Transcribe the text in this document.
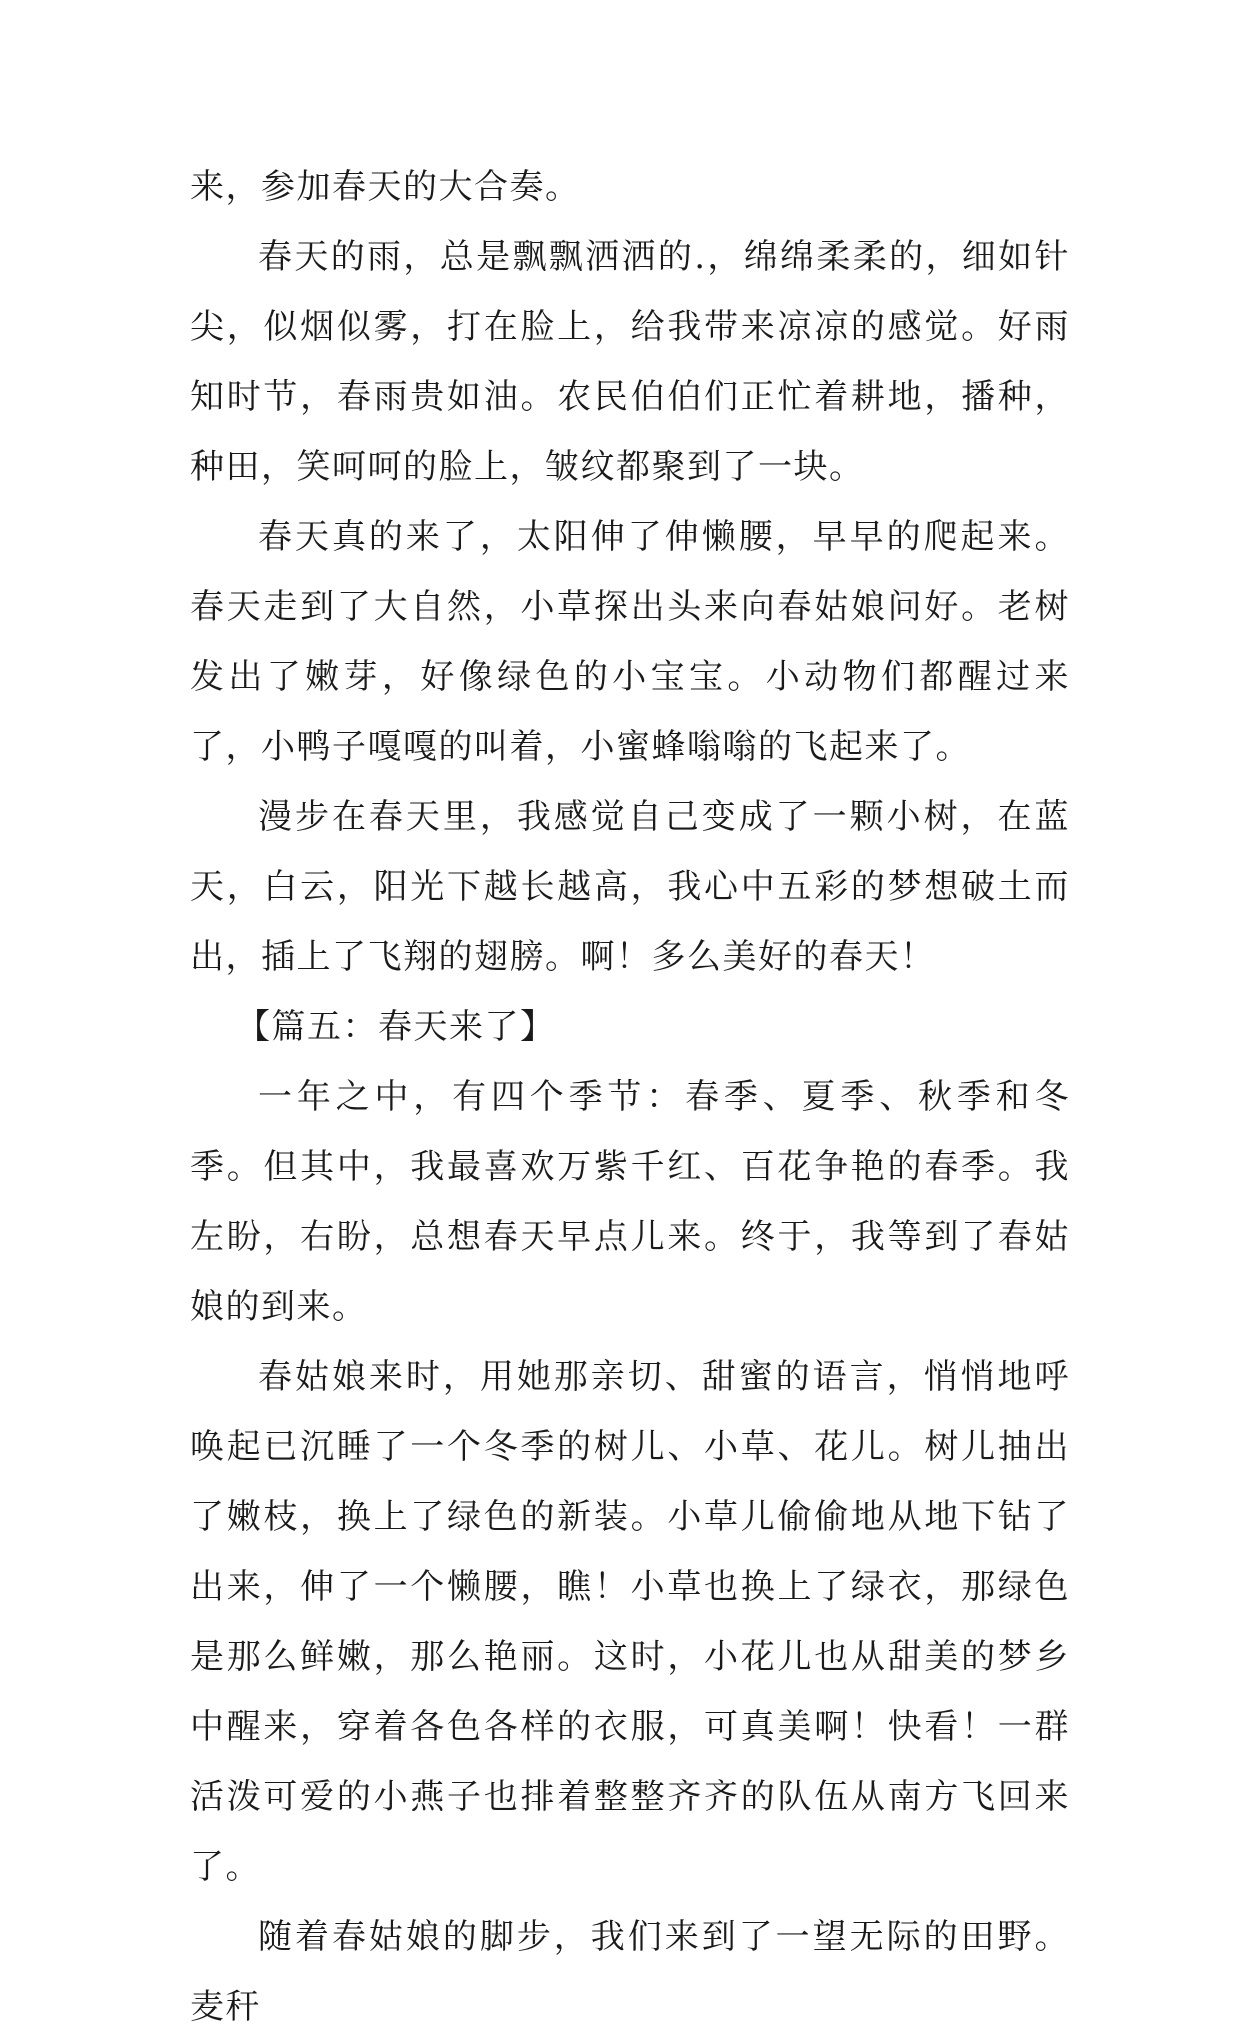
来，参加春天的大合奏。

春天的雨，总是飘飘洒洒的.，绵绵柔柔的，细如针尖，似烟似雾，打在脸上，给我带来凉凉的感觉。好雨知时节，春雨贵如油。农民伯伯们正忙着耕地，播种，种田，笑呵呵的脸上，皱纹都聚到了一块。

春天真的来了，太阳伸了伸懒腰，早早的爬起来。春天走到了大自然，小草探出头来向春姑娘问好。老树发出了嫩芽，好像绿色的小宝宝。小动物们都醒过来了，小鸭子嘎嘎的叫着，小蜜蜂嗡嗡的飞起来了。

漫步在春天里，我感觉自己变成了一颗小树，在蓝天，白云，阳光下越长越高，我心中五彩的梦想破土而出，插上了飞翔的翅膀。啊！多么美好的春天！

【篇五：春天来了】

一年之中，有四个季节：春季、夏季、秋季和冬季。但其中，我最喜欢万紫千红、百花争艳的春季。我左盼，右盼，总想春天早点儿来。终于，我等到了春姑娘的到来。

春姑娘来时，用她那亲切、甜蜜的语言，悄悄地呼唤起已沉睡了一个冬季的树儿、小草、花儿。树儿抽出了嫩枝，换上了绿色的新装。小草儿偷偷地从地下钻了出来，伸了一个懒腰，瞧！小草也换上了绿衣，那绿色是那么鲜嫩，那么艳丽。这时，小花儿也从甜美的梦乡中醒来，穿着各色各样的衣服，可真美啊！快看！一群活泼可爱的小燕子也排着整整齐齐的队伍从南方飞回来了。

随着春姑娘的脚步，我们来到了一望无际的田野。麦秆
